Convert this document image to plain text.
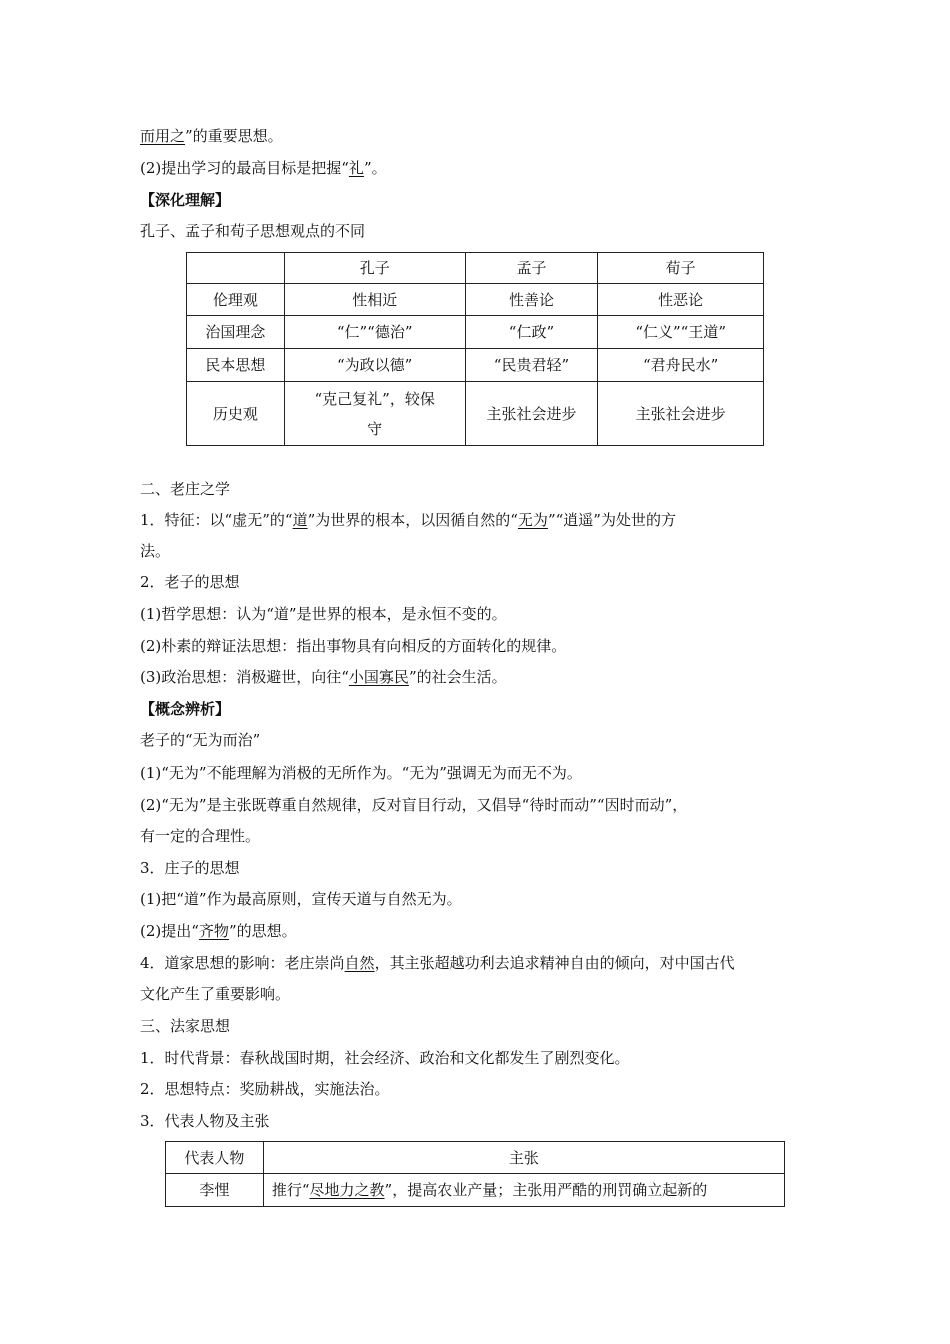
而用之”的重要思想。
(2)提出学习的最高目标是把握“礼”。
【深化理解】
孔子、孟子和荀子思想观点的不同
	孔子	孟子	荀子
伦理观	性相近	性善论	性恶论
治国理念	“仁”“德治”	“仁政”	“仁义”“王道”
民本思想	“为政以德”	“民贵君轻”	“君舟民水”
历史观	“克己复礼”，较保守	主张社会进步	主张社会进步
二、老庄之学
1．特征：以“虚无”的“道”为世界的根本，以因循自然的“无为”“逍遥”为处世的方
法。
2．老子的思想
(1)哲学思想：认为“道”是世界的根本，是永恒不变的。
(2)朴素的辩证法思想：指出事物具有向相反的方面转化的规律。
(3)政治思想：消极避世，向往“小国寡民”的社会生活。
【概念辨析】
老子的“无为而治”
(1)“无为”不能理解为消极的无所作为。“无为”强调无为而无不为。
(2)“无为”是主张既尊重自然规律，反对盲目行动，又倡导“待时而动”“因时而动”，
有一定的合理性。
3．庄子的思想
(1)把“道”作为最高原则，宣传天道与自然无为。
(2)提出“齐物”的思想。
4．道家思想的影响：老庄崇尚自然，其主张超越功利去追求精神自由的倾向，对中国古代
文化产生了重要影响。
三、法家思想
1．时代背景：春秋战国时期，社会经济、政治和文化都发生了剧烈变化。
2．思想特点：奖励耕战，实施法治。
3．代表人物及主张
代表人物	主张
李悝	推行“尽地力之教”，提高农业产量；主张用严酷的刑罚确立起新的
